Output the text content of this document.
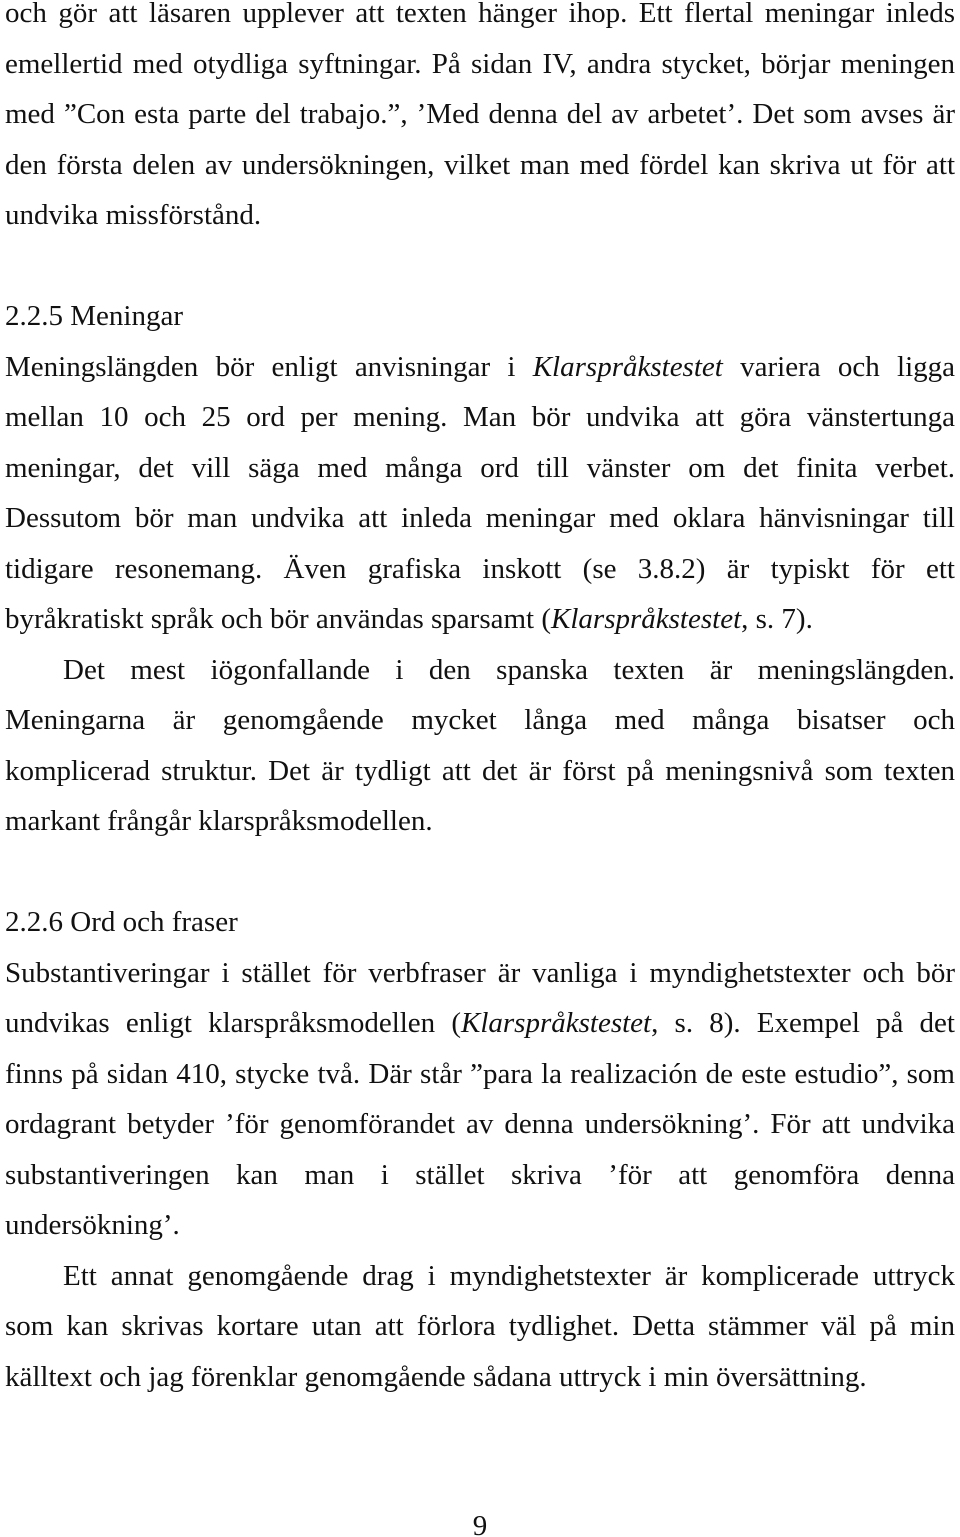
och gör att läsaren upplever att texten hänger ihop. Ett flertal meningar inleds
emellertid med otydliga syftningar. På sidan IV, andra stycket, börjar meningen
med ”Con esta parte del trabajo.”, ’Med denna del av arbetet’. Det som avses är
den första delen av undersökningen, vilket man med fördel kan skriva ut för att
undvika missförstånd.
2.2.5 Meningar
Meningslängden bör enligt anvisningar i Klarspråkstestet variera och ligga
mellan 10 och 25 ord per mening. Man bör undvika att göra vänstertunga
meningar, det vill säga med många ord till vänster om det finita verbet.
Dessutom bör man undvika att inleda meningar med oklara hänvisningar till
tidigare resonemang. Även grafiska inskott (se 3.8.2) är typiskt för ett
byråkratiskt språk och bör användas sparsamt (Klarspråkstestet, s. 7).
Det mest iögonfallande i den spanska texten är meningslängden.
Meningarna är genomgående mycket långa med många bisatser och
komplicerad struktur. Det är tydligt att det är först på meningsnivå som texten
markant frångår klarspråksmodellen.
2.2.6 Ord och fraser
Substantiveringar i stället för verbfraser är vanliga i myndighetstexter och bör
undvikas enligt klarspråksmodellen (Klarspråkstestet, s. 8). Exempel på det
finns på sidan 410, stycke två. Där står ”para la realización de este estudio”, som
ordagrant betyder ’för genomförandet av denna undersökning’. För att undvika
substantiveringen kan man i stället skriva ’för att genomföra denna
undersökning’.
Ett annat genomgående drag i myndighetstexter är komplicerade uttryck
som kan skrivas kortare utan att förlora tydlighet. Detta stämmer väl på min
källtext och jag förenklar genomgående sådana uttryck i min översättning.
9
